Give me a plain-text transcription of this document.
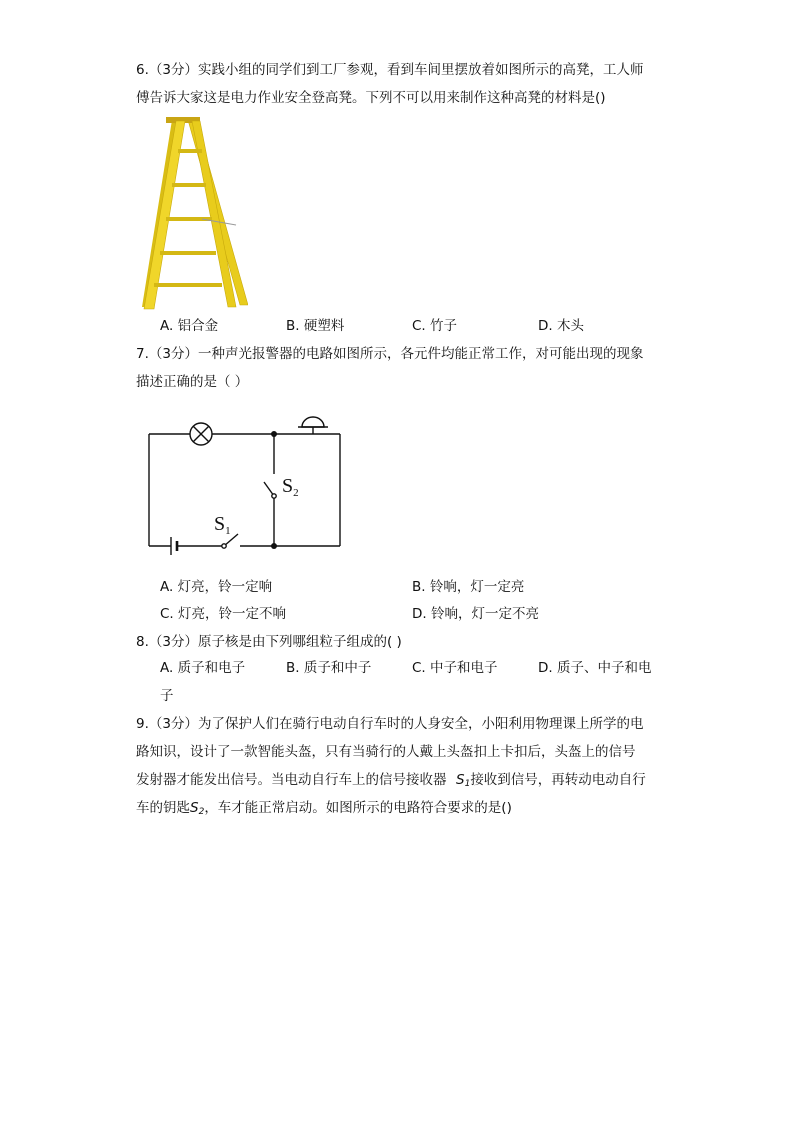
6.（3分）实践小组的同学们到工厂参观，看到车间里摆放着如图所示的高凳，工人师
傅告诉大家这是电力作业安全登高凳。下列不可以用来制作这种高凳的材料是()
A. 铝合金	B. 硬塑料	C. 竹子	D. 木头
7.（3分）一种声光报警器的电路如图所示，各元件均能正常工作，对可能出现的现象
描述正确的是（ ）
$S_2$
$S_1$
A. 灯亮，铃一定响	B. 铃响，灯一定亮
C. 灯亮，铃一定不响	D. 铃响，灯一定不亮
8.（3分）原子核是由下列哪组粒子组成的( )
A. 质子和电子	B. 质子和中子	C. 中子和电子	D. 质子、中子和电
子
9.（3分）为了保护人们在骑行电动自行车时的人身安全，小阳利用物理课上所学的电
路知识，设计了一款智能头盔，只有当骑行的人戴上头盔扣上卡扣后，头盔上的信号
发射器才能发出信号。当电动自行车上的信号接收器 $S_1$接收到信号，再转动电动自行
车的钥匙$S_2$，车才能正常启动。如图所示的电路符合要求的是()
